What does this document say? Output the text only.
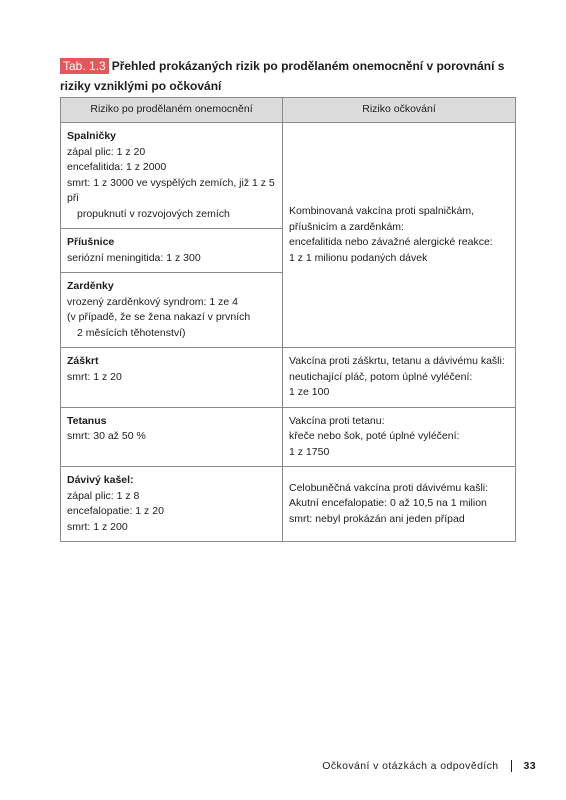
Tab. 1.3 Přehled prokázaných rizik po prodělaném onemocnění v porovnání s riziky vzniklými po očkování
Riziko po prodělaném onemocnění	Riziko očkování

Spalničky
zápal plic: 1 z 20
encefalitida: 1 z 2000
smrt: 1 z 3000 ve vyspělých zemích, již 1 z 5 při
propuknutí v rozvojových zemích	Kombinovaná vakcína proti spalničkám,
příušnicím a zarděnkám:
encefalitida nebo závažné alergické reakce:
1 z 1 milionu podaných dávek

Příušnice
seriózní meningitida: 1 z 300	

Zarděnky
vrozený zarděnkový syndrom: 1 ze 4
(v případě, že se žena nakazí v prvních
2 měsících těhotenství)	

Záškrt
smrt: 1 z 20	Vakcína proti záškrtu, tetanu a dávivému kašli:
neutichající pláč, potom úplné vyléčení:
1 ze 100

Tetanus
smrt: 30 až 50 %	Vakcína proti tetanu:
křeče nebo šok, poté úplné vyléčení:
1 z 1750

Dávivý kašel:
zápal plic: 1 z 8
encefalopatie: 1 z 20
smrt: 1 z 200	Celobuněčná vakcína proti dávivému kašli:
Akutní encefalopatie: 0 až 10,5 na 1 milion
smrt: nebyl prokázán ani jeden případ
Očkování v otázkách a odpovědích 33
